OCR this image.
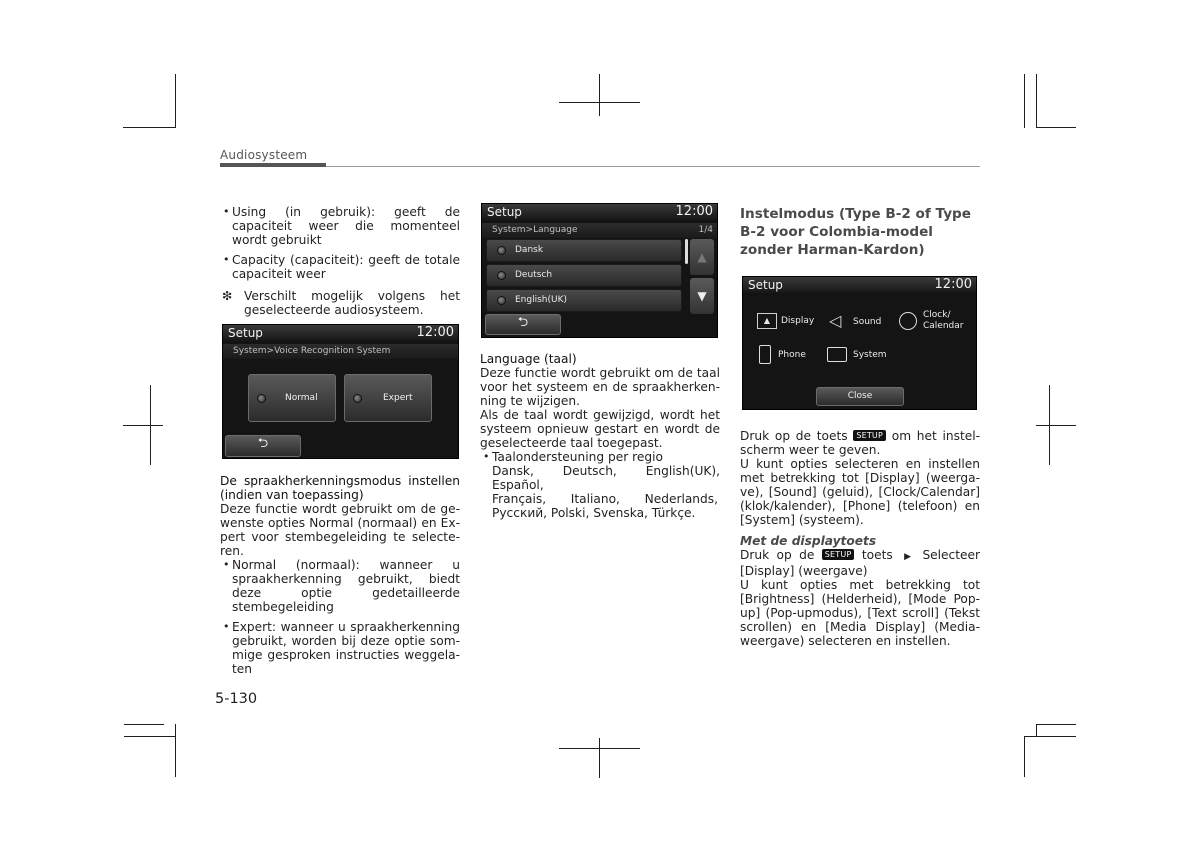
Audiosysteem
• Using (in gebruik): geeft de capaciteit weer die momenteel wordt gebruikt
• Capacity (capaciteit): geeft de totale capaciteit weer
❇ Verschilt mogelijk volgens het geselecteerde audiosysteem.
Setup	12:00
System>Voice Recognition System
Normal	Expert
⮌

De spraakherkenningsmodus instellen (indien van toepassing)

Deze functie wordt gebruikt om de gewenste opties Normal (normaal) en Expert voor stembegeleiding te selecteren.

• Normal (normaal): wanneer u spraakherkenning gebruikt, biedt deze optie gedetailleerde stembegeleiding
• Expert: wanneer u spraakherkenning gebruikt, worden bij deze optie sommige gesproken instructies weggelaten
Setup	12:00
System>Language	1/4
Dansk
Deutsch
English(UK)
▲
▼
⮌

Language (taal)

Deze functie wordt gebruikt om de taal voor het systeem en de spraakherkenning te wijzigen.

Als de taal wordt gewijzigd, wordt het systeem opnieuw gestart en wordt de geselecteerde taal toegepast.

• Taalondersteuning per regio
Dansk, Deutsch, English(UK), Español,

Français, Italiano, Nederlands,
Русский, Polski, Svenska, Türkçe.
Instelmodus (Type B-2 of Type B-2 voor Colombia-model zonder Harman-Kardon)
Setup	12:00
▲	Display ◁ Sound
Clock/
Calendar
Phone	System
Close

Druk op de toets SETUP om het instelscherm weer te geven.

U kunt opties selecteren en instellen met betrekking tot [Display] (weergave), [Sound] (geluid), [Clock/Calendar] (klok/kalender), [Phone] (telefoon) en [System] (systeem).

Met de displaytoets

Druk op de SETUP toets ▶ Selecteer [Display] (weergave)

U kunt opties met betrekking tot [Brightness] (Helderheid), [Mode Popup] (Pop-upmodus), [Text scroll] (Tekst scrollen) en [Media Display] (Mediaweergave) selecteren en instellen.

5-130
